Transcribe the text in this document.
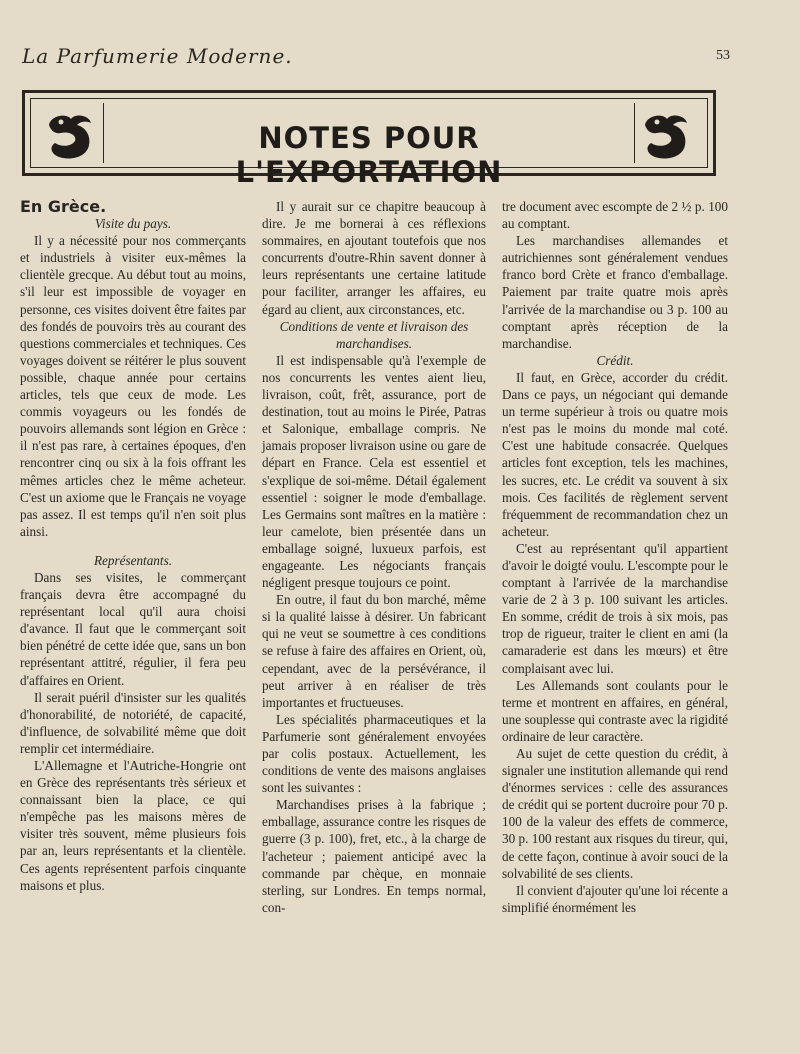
La Parfumerie Moderne.	53
NOTES POUR L'EXPORTATION

En Grèce.

Visite du pays.

Il y a nécessité pour nos commerçants et industriels à visiter eux-mêmes la clientèle grecque. Au début tout au moins, s'il leur est impossible de voyager en personne, ces visites doivent être faites par des fondés de pouvoirs très au courant des questions commerciales et techniques. Ces voyages doivent se réitérer le plus souvent possible, chaque année pour certains articles, tels que ceux de mode. Les commis voyageurs ou les fondés de pouvoirs allemands sont légion en Grèce : il n'est pas rare, à certaines époques, d'en rencontrer cinq ou six à la fois offrant les mêmes articles chez le même acheteur. C'est un axiome que le Français ne voyage pas assez. Il est temps qu'il n'en soit plus ainsi.

Représentants.

Dans ses visites, le commerçant français devra être accompagné du représentant local qu'il aura choisi d'avance. Il faut que le commerçant soit bien pénétré de cette idée que, sans un bon représentant attitré, régulier, il fera peu d'affaires en Orient.

Il serait puéril d'insister sur les qualités d'honorabilité, de notoriété, de capacité, d'influence, de solvabilité même que doit remplir cet intermédiaire.

L'Allemagne et l'Autriche-Hongrie ont en Grèce des représentants très sérieux et connaissant bien la place, ce qui n'empêche pas les maisons mères de visiter très souvent, même plusieurs fois par an, leurs représentants et la clientèle. Ces agents représentent parfois cinquante maisons et plus.

Il y aurait sur ce chapitre beaucoup à dire. Je me bornerai à ces réflexions sommaires, en ajoutant toutefois que nos concurrents d'outre-Rhin savent donner à leurs représentants une certaine latitude pour faciliter, arranger les affaires, eu égard au client, aux circonstances, etc.

Conditions de vente et livraison des marchandises.

Il est indispensable qu'à l'exemple de nos concurrents les ventes aient lieu, livraison, coût, frêt, assurance, port de destination, tout au moins le Pirée, Patras et Salonique, emballage compris. Ne jamais proposer livraison usine ou gare de départ en France. Cela est essentiel et s'explique de soi-même. Détail également essentiel : soigner le mode d'emballage. Les Germains sont maîtres en la matière : leur camelote, bien présentée dans un emballage soigné, luxueux parfois, est engageante. Les négociants français négligent presque toujours ce point.

En outre, il faut du bon marché, même si la qualité laisse à désirer. Un fabricant qui ne veut se soumettre à ces conditions se refuse à faire des affaires en Orient, où, cependant, avec de la persévérance, il peut arriver à en réaliser de très importantes et fructueuses.

Les spécialités pharmaceutiques et la Parfumerie sont généralement envoyées par colis postaux. Actuellement, les conditions de vente des maisons anglaises sont les suivantes :

Marchandises prises à la fabrique ; emballage, assurance contre les risques de guerre (3 p. 100), fret, etc., à la charge de l'acheteur ; paiement anticipé avec la commande par chèque, en monnaie sterling, sur Londres. En temps normal, con-

tre document avec escompte de 2 ½ p. 100 au comptant.

Les marchandises allemandes et autrichiennes sont généralement vendues franco bord Crète et franco d'emballage. Paiement par traite quatre mois après l'arrivée de la marchandise ou 3 p. 100 au comptant après réception de la marchandise.

Crédit.

Il faut, en Grèce, accorder du crédit. Dans ce pays, un négociant qui demande un terme supérieur à trois ou quatre mois n'est pas le moins du monde mal coté. C'est une habitude consacrée. Quelques articles font exception, tels les machines, les sucres, etc. Le crédit va souvent à six mois. Ces facilités de règlement servent fréquemment de recommandation chez un acheteur.

C'est au représentant qu'il appartient d'avoir le doigté voulu. L'escompte pour le comptant à l'arrivée de la marchandise varie de 2 à 3 p. 100 suivant les articles. En somme, crédit de trois à six mois, pas trop de rigueur, traiter le client en ami (la camaraderie est dans les mœurs) et être complaisant avec lui.

Les Allemands sont coulants pour le terme et montrent en affaires, en général, une souplesse qui contraste avec la rigidité ordinaire de leur caractère.

Au sujet de cette question du crédit, à signaler une institution allemande qui rend d'énormes services : celle des assurances de crédit qui se portent ducroire pour 70 p. 100 de la valeur des effets de commerce, 30 p. 100 restant aux risques du tireur, qui, de cette façon, continue à avoir souci de la solvabilité de ses clients.

Il convient d'ajouter qu'une loi récente a simplifié énormément les
